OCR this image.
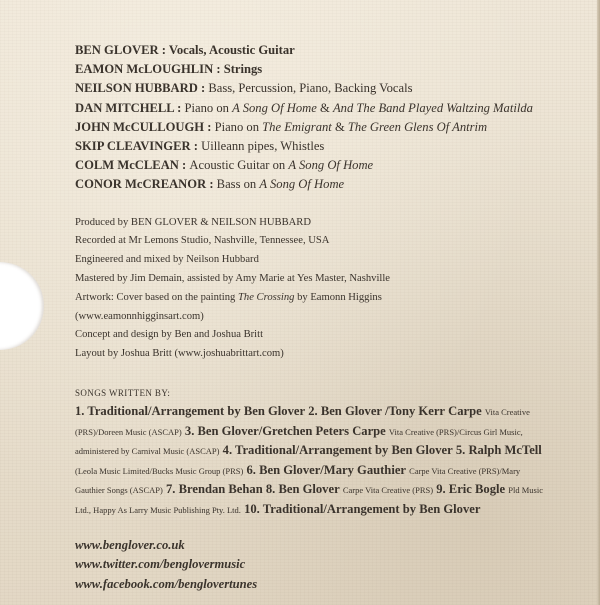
BEN GLOVER : Vocals, Acoustic Guitar
EAMON McLOUGHLIN : Strings
NEILSON HUBBARD : Bass, Percussion, Piano, Backing Vocals
DAN MITCHELL : Piano on A Song Of Home & And The Band Played Waltzing Matilda
JOHN McCULLOUGH : Piano on The Emigrant & The Green Glens Of Antrim
SKIP CLEAVINGER : Uilleann pipes, Whistles
COLM McCLEAN : Acoustic Guitar on A Song Of Home
CONOR McCREANOR : Bass on A Song Of Home
Produced by BEN GLOVER & NEILSON HUBBARD
Recorded at Mr Lemons Studio, Nashville, Tennessee, USA
Engineered and mixed by Neilson Hubbard
Mastered by Jim Demain, assisted by Amy Marie at Yes Master, Nashville
Artwork: Cover based on the painting The Crossing by Eamonn Higgins
(www.eamonnhigginsart.com)
Concept and design by Ben and Joshua Britt
Layout by Joshua Britt (www.joshuabrittart.com)
SONGS WRITTEN BY:
1. Traditional/Arrangement by Ben Glover 2. Ben Glover /Tony Kerr Carpe Vita Creative (PRS)/Doreen Music (ASCAP) 3. Ben Glover/Gretchen Peters Carpe Vita Creative (PRS)/Circus Girl Music, administered by Carnival Music (ASCAP) 4. Traditional/Arrangement by Ben Glover 5. Ralph McTell (Leola Music Limited/Bucks Music Group (PRS) 6. Ben Glover/Mary Gauthier Carpe Vita Creative (PRS)/Mary Gauthier Songs (ASCAP) 7. Brendan Behan 8. Ben Glover Carpe Vita Creative (PRS) 9. Eric Bogle Pld Music Ltd., Happy As Larry Music Publishing Pty. Ltd. 10. Traditional/Arrangement by Ben Glover
www.benglover.co.uk
www.twitter.com/benglovermusic
www.facebook.com/benglovertunes
